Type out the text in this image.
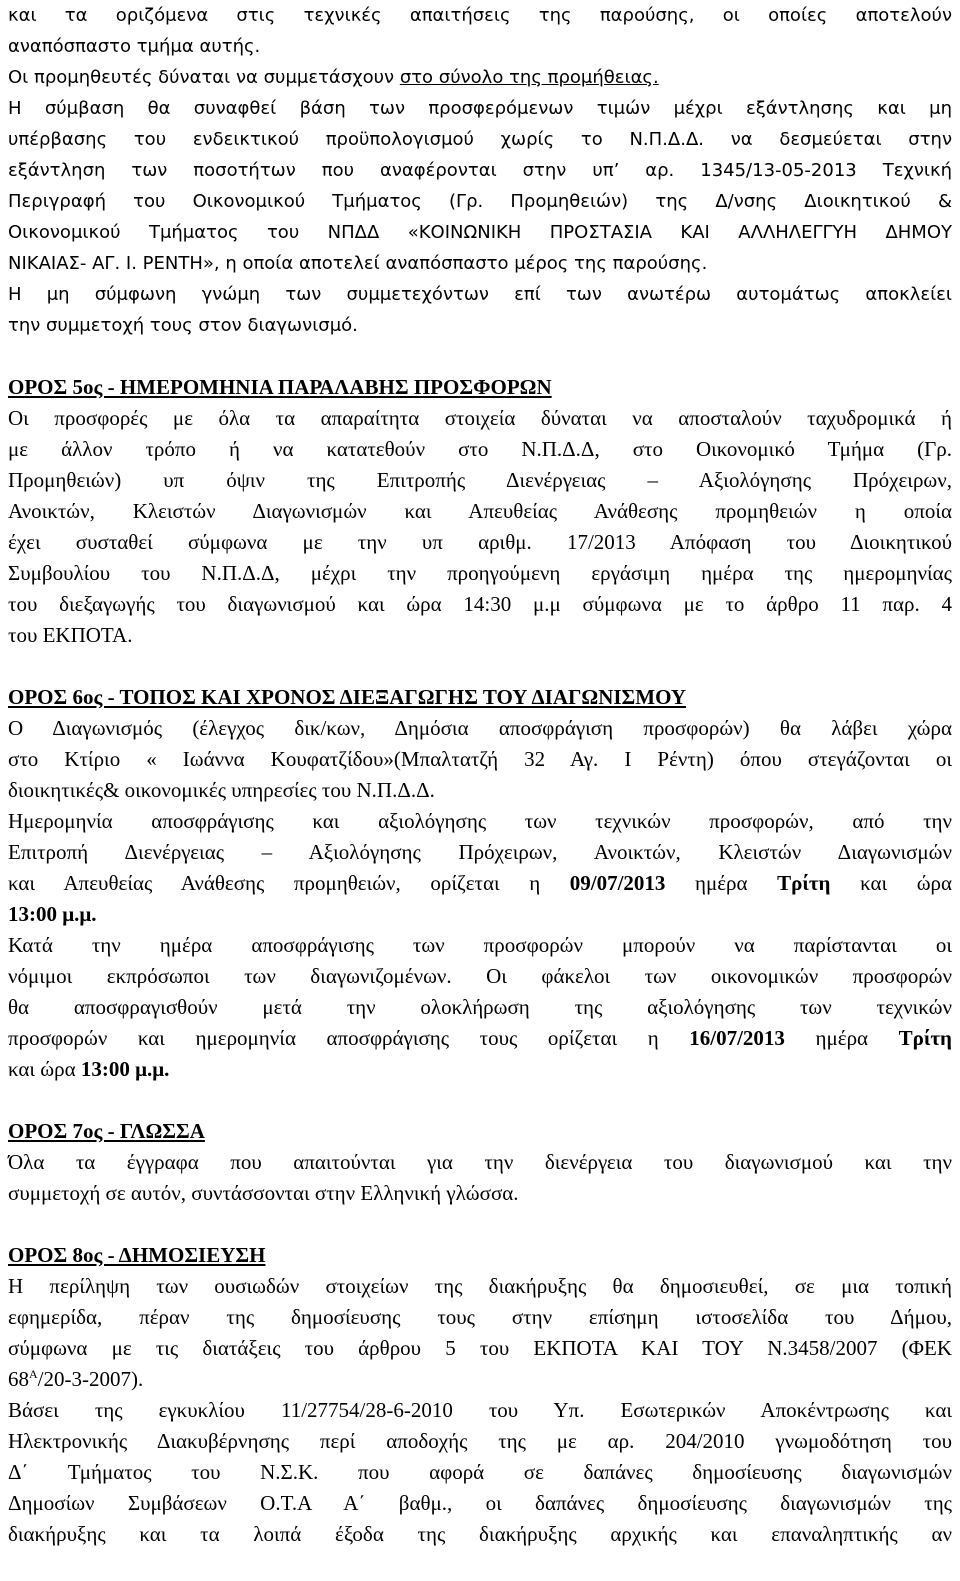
και τα οριζόμενα στις τεχνικές απαιτήσεις της παρούσης, οι οποίες αποτελούν
αναπόσπαστο τμήμα αυτής.
Οι προμηθευτές δύναται να συμμετάσχουν στο σύνολο της προμήθειας.
Η σύμβαση θα συναφθεί βάση των προσφερόμενων τιμών μέχρι εξάντλησης και μη
υπέρβασης του ενδεικτικού προϋπολογισμού χωρίς το Ν.Π.Δ.Δ. να δεσμεύεται στην
εξάντληση των ποσοτήτων που αναφέρονται στην υπ’ αρ. 1345/13-05-2013 Τεχνική
Περιγραφή του Οικονομικού Τμήματος (Γρ. Προμηθειών) της Δ/νσης Διοικητικού &
Οικονομικού Τμήματος του ΝΠΔΔ «ΚΟΙΝΩΝΙΚΗ ΠΡΟΣΤΑΣΙΑ ΚΑΙ ΑΛΛΗΛΕΓΓΥΗ ΔΗΜΟΥ
ΝΙΚΑΙΑΣ- ΑΓ. Ι. ΡΕΝΤΗ», η οποία αποτελεί αναπόσπαστο μέρος της παρούσης.
Η μη σύμφωνη γνώμη των συμμετεχόντων επί των ανωτέρω αυτομάτως αποκλείει
την συμμετοχή τους στον διαγωνισμό.
ΟΡΟΣ 5ος - ΗΜΕΡΟΜΗΝΙΑ ΠΑΡΑΛΑΒΗΣ ΠΡΟΣΦΟΡΩΝ
Οι προσφορές με όλα τα απαραίτητα στοιχεία δύναται να αποσταλούν ταχυδρομικά ή
με άλλον τρόπο ή να κατατεθούν στο Ν.Π.Δ.Δ, στο Οικονομικό Τμήμα (Γρ.
Προμηθειών) υπ όψιν της Επιτροπής Διενέργειας – Αξιολόγησης Πρόχειρων,
Ανοικτών, Κλειστών Διαγωνισμών και Απευθείας Ανάθεσης προμηθειών η οποία
έχει συσταθεί σύμφωνα με την υπ αριθμ. 17/2013 Απόφαση του Διοικητικού
Συμβουλίου του Ν.Π.Δ.Δ, μέχρι την προηγούμενη εργάσιμη ημέρα της ημερομηνίας
του διεξαγωγής του διαγωνισμού και ώρα 14:30 μ.μ σύμφωνα με το άρθρο 11 παρ. 4
του ΕΚΠΟΤΑ.
ΟΡΟΣ 6ος - ΤΟΠΟΣ ΚΑΙ ΧΡΟΝΟΣ ΔΙΕΞΑΓΩΓΗΣ ΤΟΥ ΔΙΑΓΩΝΙΣΜΟΥ
Ο Διαγωνισμός (έλεγχος δικ/κων, Δημόσια αποσφράγιση προσφορών) θα λάβει χώρα
στο Κτίριο « Ιωάννα Κουφατζίδου»(Μπαλτατζή 32 Αγ. Ι Ρέντη) όπου στεγάζονται οι
διοικητικές& οικονομικές υπηρεσίες του Ν.Π.Δ.Δ.
Ημερομηνία αποσφράγισης και αξιολόγησης των τεχνικών προσφορών, από την
Επιτροπή Διενέργειας – Αξιολόγησης Πρόχειρων, Ανοικτών, Κλειστών Διαγωνισμών
και Απευθείας Ανάθεσης προμηθειών, ορίζεται η 09/07/2013 ημέρα Τρίτη και ώρα
13:00 μ.μ.
Κατά την ημέρα αποσφράγισης των προσφορών μπορούν να παρίστανται οι
νόμιμοι εκπρόσωποι των διαγωνιζομένων. Οι φάκελοι των οικονομικών προσφορών
θα αποσφραγισθούν μετά την ολοκλήρωση της αξιολόγησης των τεχνικών
προσφορών και ημερομηνία αποσφράγισης τους ορίζεται η 16/07/2013 ημέρα Τρίτη
και ώρα 13:00 μ.μ.
ΟΡΟΣ 7ος - ΓΛΩΣΣΑ
Όλα τα έγγραφα που απαιτούνται για την διενέργεια του διαγωνισμού και την
συμμετοχή σε αυτόν, συντάσσονται στην Ελληνική γλώσσα.
ΟΡΟΣ 8ος - ΔΗΜΟΣΙΕΥΣΗ
Η περίληψη των ουσιωδών στοιχείων της διακήρυξης θα δημοσιευθεί, σε μια τοπική
εφημερίδα, πέραν της δημοσίευσης τους στην επίσημη ιστοσελίδα του Δήμου,
σύμφωνα με τις διατάξεις του άρθρου 5 του ΕΚΠΟΤΑ ΚΑΙ ΤΟΥ Ν.3458/2007 (ΦΕΚ
$68^A/20-3-2007$).
Βάσει της εγκυκλίου 11/27754/28-6-2010 του Υπ. Εσωτερικών Αποκέντρωσης και
Ηλεκτρονικής Διακυβέρνησης περί αποδοχής της με αρ. 204/2010 γνωμοδότηση του
Δ΄ Τμήματος του Ν.Σ.Κ. που αφορά σε δαπάνες δημοσίευσης διαγωνισμών
Δημοσίων Συμβάσεων Ο.Τ.Α Α΄ βαθμ., οι δαπάνες δημοσίευσης διαγωνισμών της
διακήρυξης και τα λοιπά έξοδα της διακήρυξης αρχικής και επαναληπτικής αν
